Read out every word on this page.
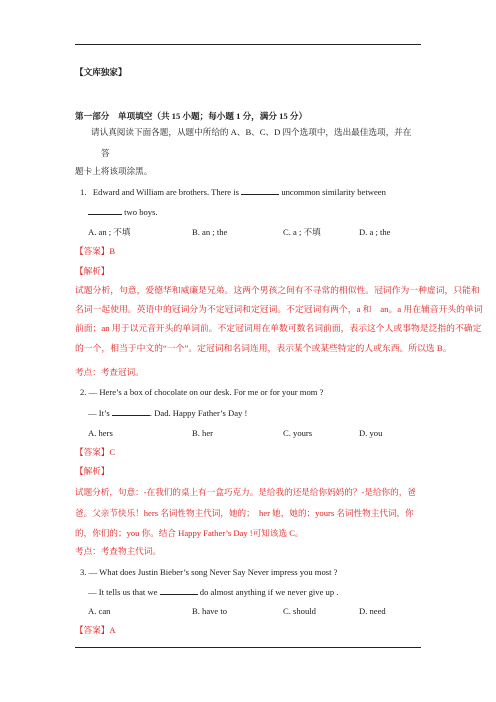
【文库独家】
第一部分　单项填空（共 15 小题；每小题 1 分，满分 15 分）
请认真阅读下面各题，从题中所给的 A、B、C、D 四个选项中，选出最佳选项，并在
答
题卡上将该项涂黑。
1. Edward and William are brothers. There is	uncommon similarity between
two boys.
A. an ; 不填	B. an ; the	C. a ; 不填	D. a ; the
【答案】B
【解析】
试题分析，句意，爱德华和威廉是兄弟。这两个男孩之间有不寻常的相似性。冠词作为一种虚词，只能和
名词一起使用。英语中的冠词分为不定冠词和定冠词。不定冠词有两个，a 和　an。a 用在辅音开头的单词
前面；an 用于以元音开头的单词前。不定冠词用在单数可数名词前面，表示这个人或事物是泛指的不确定
的一个，相当于中文的“一个”。定冠词和名词连用，表示某个或某些特定的人或东西。所以选 B。
考点：考查冠词。
2. — Here’s a box of chocolate on our desk. For me or for your mom ?
— It’s	. Dad. Happy Father’s Day !
A. hers	B. her	C. yours	D. you
【答案】C
【解析】
试题分析，句意：-在我们的桌上有一盒巧克力。是给我的还是给你妈妈的？-是给你的，爸
爸。父亲节快乐！hers 名词性物主代词，她的；　her 她，她的；yours 名词性物主代词，你
的，你们的；you 你。结合 Happy Father’s Day !可知该选 C。
考点：考查物主代词。
3. — What does Justin Bieber’s song Never Say Never impress you most ?
— It tells us that we	do almost anything if we never give up .
A. can	B. have to	C. should	D. need
【答案】A
